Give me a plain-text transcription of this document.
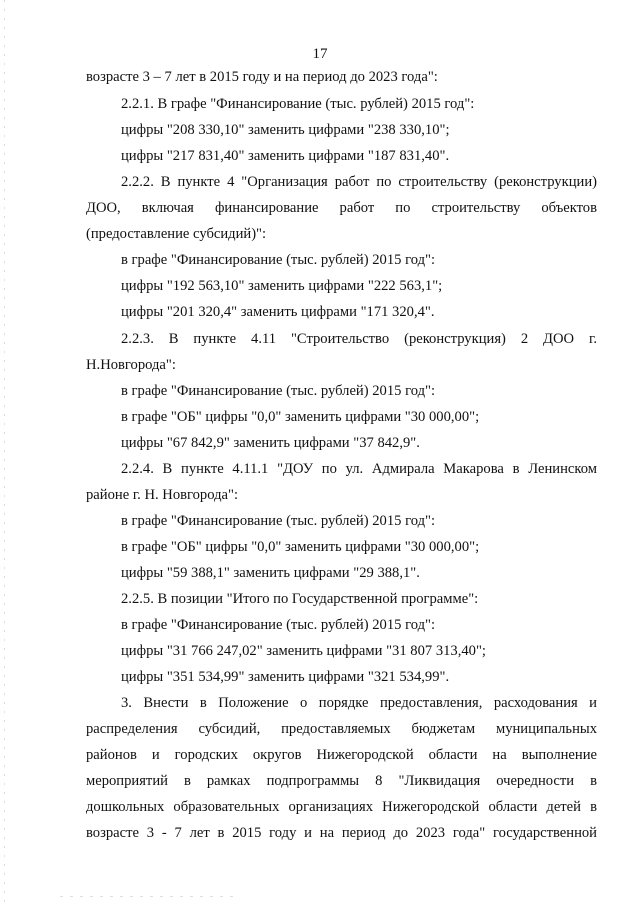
17
возрасте 3 – 7 лет в 2015 году и на период до 2023 года":
2.2.1. В графе "Финансирование (тыс. рублей) 2015 год":
цифры "208 330,10" заменить цифрами "238 330,10";
цифры "217 831,40" заменить цифрами "187 831,40".
2.2.2. В пункте 4 "Организация работ по строительству (реконструкции)
ДОО, включая финансирование работ по строительству объектов
(предоставление субсидий)":
в графе "Финансирование (тыс. рублей) 2015 год":
цифры "192 563,10" заменить цифрами "222 563,1";
цифры "201 320,4" заменить цифрами "171 320,4".
2.2.3. В пункте 4.11 "Строительство (реконструкция) 2 ДОО г.
Н.Новгорода":
в графе "Финансирование (тыс. рублей) 2015 год":
в графе "ОБ" цифры "0,0" заменить цифрами "30 000,00";
цифры "67 842,9" заменить цифрами "37 842,9".
2.2.4. В пункте 4.11.1 "ДОУ по ул. Адмирала Макарова в Ленинском
районе г. Н. Новгорода":
в графе "Финансирование (тыс. рублей) 2015 год":
в графе "ОБ" цифры "0,0" заменить цифрами "30 000,00";
цифры "59 388,1" заменить цифрами "29 388,1".
2.2.5. В позиции "Итого по Государственной программе":
в графе "Финансирование (тыс. рублей) 2015 год":
цифры "31 766 247,02" заменить цифрами "31 807 313,40";
цифры "351 534,99" заменить цифрами "321 534,99".
3. Внести в Положение о порядке предоставления, расходования и
распределения субсидий, предоставляемых бюджетам муниципальных
районов и городских округов Нижегородской области на выполнение
мероприятий в рамках подпрограммы 8 "Ликвидация очередности в
дошкольных образовательных организациях Нижегородской области детей в
возрасте 3 - 7 лет в 2015 году и на период до 2023 года" государственной
